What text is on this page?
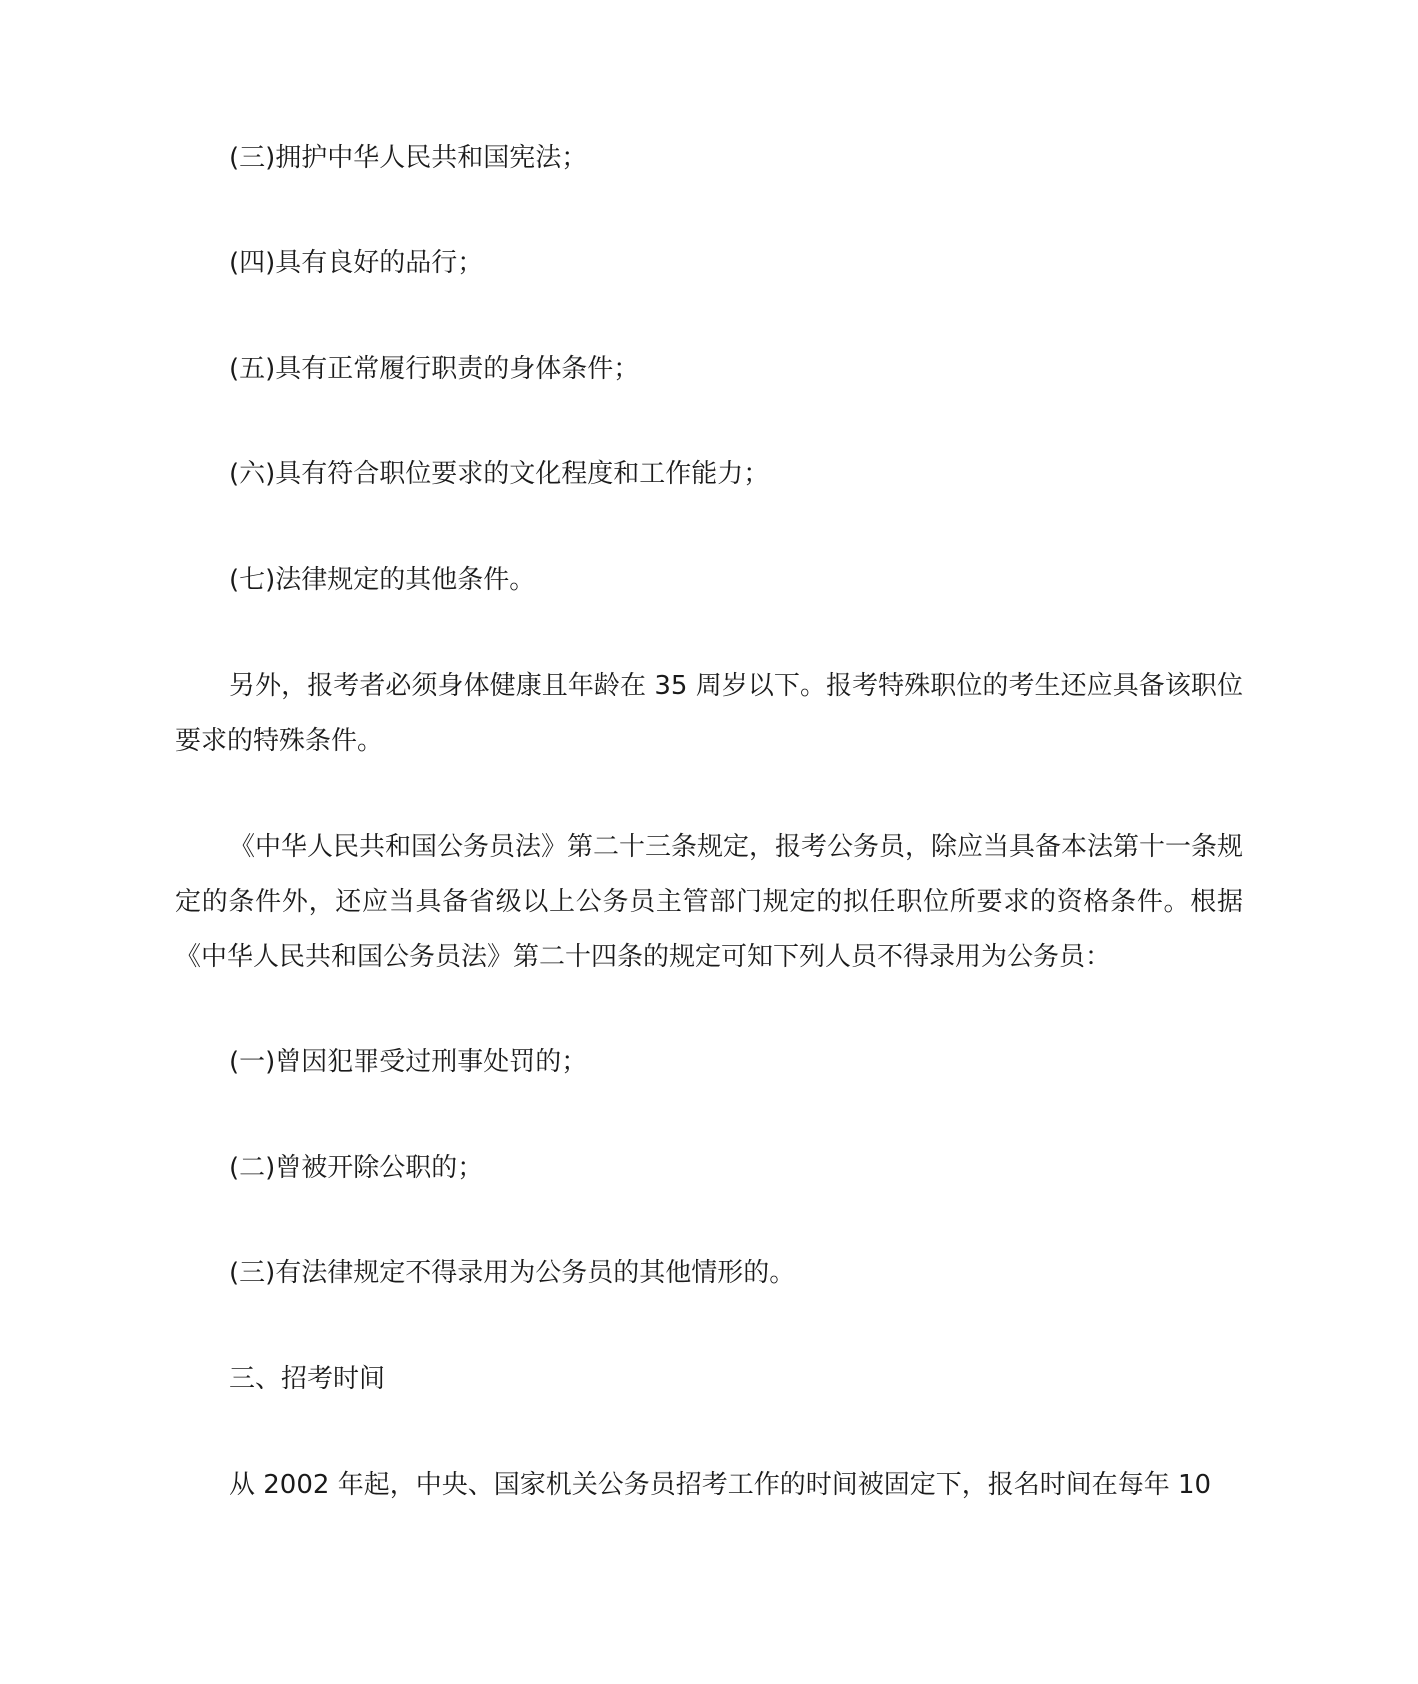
(三)拥护中华人民共和国宪法；

(四)具有良好的品行；

(五)具有正常履行职责的身体条件；

(六)具有符合职位要求的文化程度和工作能力；

(七)法律规定的其他条件。

另外，报考者必须身体健康且年龄在 35 周岁以下。报考特殊职位的考生还应具备该职位要求的特殊条件。

《中华人民共和国公务员法》第二十三条规定，报考公务员，除应当具备本法第十一条规定的条件外，还应当具备省级以上公务员主管部门规定的拟任职位所要求的资格条件。根据《中华人民共和国公务员法》第二十四条的规定可知下列人员不得录用为公务员：

(一)曾因犯罪受过刑事处罚的；

(二)曾被开除公职的；

(三)有法律规定不得录用为公务员的其他情形的。

三、招考时间

从 2002 年起，中央、国家机关公务员招考工作的时间被固定下，报名时间在每年 10
